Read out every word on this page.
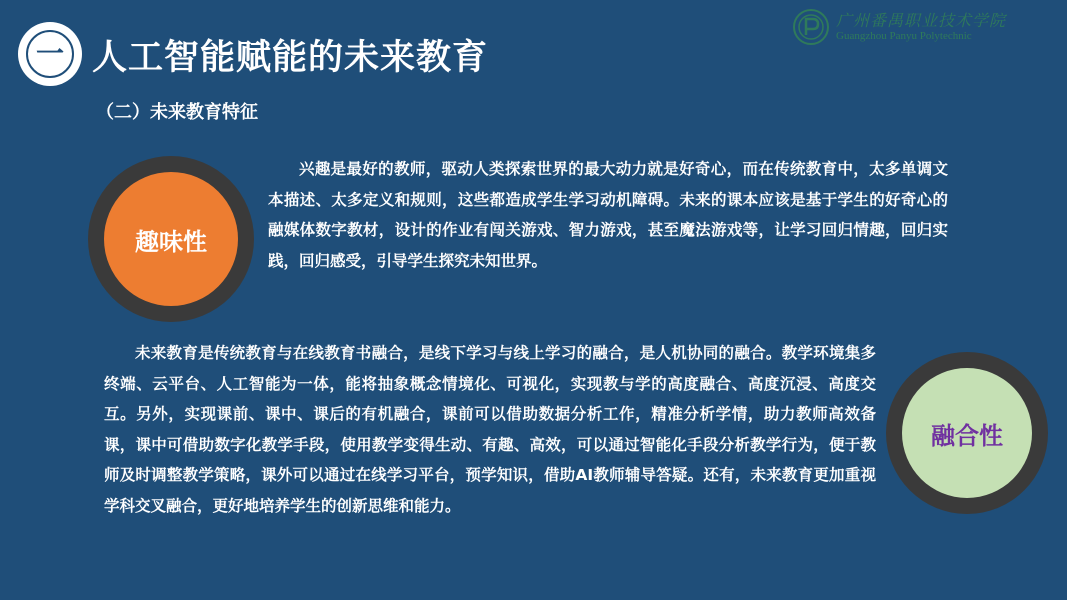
一 人工智能赋能的未来教育
广州番禺职业技术学院
Guangzhou Panyu Polytechnic
（二）未来教育特征
趣味性
兴趣是最好的教师，驱动人类探索世界的最大动力就是好奇心，而在传统教育中，太多单调文本描述、太多定义和规则，这些都造成学生学习动机障碍。未来的课本应该是基于学生的好奇心的融媒体数字教材，设计的作业有闯关游戏、智力游戏，甚至魔法游戏等，让学习回归情趣，回归实践，回归感受，引导学生探究未知世界。
未来教育是传统教育与在线教育书融合，是线下学习与线上学习的融合，是人机协同的融合。教学环境集多终端、云平台、人工智能为一体，能将抽象概念情境化、可视化，实现教与学的高度融合、高度沉浸、高度交互。另外，实现课前、课中、课后的有机融合，课前可以借助数据分析工作，精准分析学情，助力教师高效备课，课中可借助数字化教学手段，使用教学变得生动、有趣、高效，可以通过智能化手段分析教学行为，便于教师及时调整教学策略，课外可以通过在线学习平台，预学知识，借助AI教师辅导答疑。还有，未来教育更加重视学科交叉融合，更好地培养学生的创新思维和能力。
融合性
